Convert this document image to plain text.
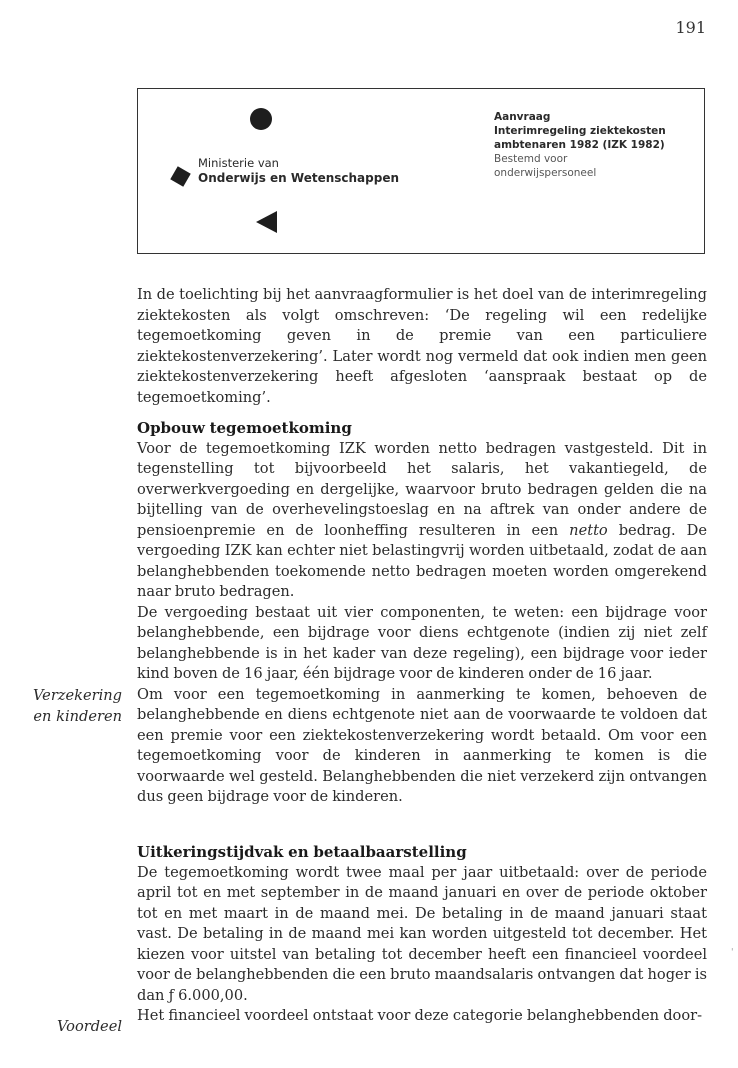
191
Ministerie van
Onderwijs en Wetenschappen
Aanvraag
Interimregeling ziektekosten
ambtenaren 1982 (IZK 1982)
Bestemd voor
onderwijspersoneel

In de toelichting bij het aanvraagformulier is het doel van de interimregeling ziektekosten als volgt omschreven: ‘De regeling wil een redelijke tegemoetkoming geven in de premie van een particuliere ziektekostenverzekering’. Later wordt nog vermeld dat ook indien men geen ziektekostenverzekering heeft afgesloten ‘aanspraak bestaat op de tegemoetkoming’.

Opbouw tegemoetkoming

Voor de tegemoetkoming IZK worden netto bedragen vastgesteld. Dit in tegenstelling tot bijvoorbeeld het salaris, het vakantiegeld, de overwerkvergoeding en dergelijke, waarvoor bruto bedragen gelden die na bijtelling van de overhevelingstoeslag en na aftrek van onder andere de pensioenpremie en de loonheffing resulteren in een netto bedrag. De vergoeding IZK kan echter niet belastingvrij worden uitbetaald, zodat de aan belanghebbenden toekomende netto bedragen moeten worden omgerekend naar bruto bedragen.

De vergoeding bestaat uit vier componenten, te weten: een bijdrage voor belanghebbende, een bijdrage voor diens echtgenote (indien zij niet zelf belanghebbende is in het kader van deze regeling), een bijdrage voor ieder kind boven de 16 jaar, één bijdrage voor de kinderen onder de 16 jaar.

Om voor een tegemoetkoming in aanmerking te komen, behoeven de belanghebbende en diens echtgenote niet aan de voorwaarde te voldoen dat een premie voor een ziektekostenverzekering wordt betaald. Om voor een tegemoetkoming voor de kinderen in aanmerking te komen is die voorwaarde wel gesteld. Belanghebbenden die niet verzekerd zijn ontvangen dus geen bijdrage voor de kinderen.

Verzekering
en kinderen
Uitkeringstijdvak en betaalbaarstelling

De tegemoetkoming wordt twee maal per jaar uitbetaald: over de periode april tot en met september in de maand januari en over de periode oktober tot en met maart in de maand mei. De betaling in de maand januari staat vast. De betaling in de maand mei kan worden uitgesteld tot december. Het kiezen voor uitstel van betaling tot december heeft een financieel voordeel voor de belanghebbenden die een bruto maandsalaris ontvangen dat hoger is dan ƒ 6.000,00.

Het financieel voordeel ontstaat voor deze categorie belanghebbenden door-

Voordeel
'
